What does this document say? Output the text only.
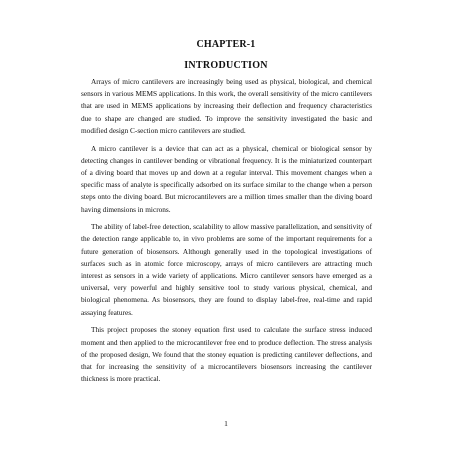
CHAPTER-1
INTRODUCTION

Arrays of micro cantilevers are increasingly being used as physical, biological, and chemical sensors in various MEMS applications. In this work, the overall sensitivity of the micro cantilevers that are used in MEMS applications by increasing their deflection and frequency characteristics due to shape are changed are studied. To improve the sensitivity investigated the basic and modified design C-section micro cantilevers are studied.

A micro cantilever is a device that can act as a physical, chemical or biological sensor by detecting changes in cantilever bending or vibrational frequency. It is the miniaturized counterpart of a diving board that moves up and down at a regular interval. This movement changes when a specific mass of analyte is specifically adsorbed on its surface similar to the change when a person steps onto the diving board. But microcantilevers are a million times smaller than the diving board having dimensions in microns.

The ability of label-free detection, scalability to allow massive parallelization, and sensitivity of the detection range applicable to, in vivo problems are some of the important requirements for a future generation of biosensors. Although generally used in the topological investigations of surfaces such as in atomic force microscopy, arrays of micro cantilevers are attracting much interest as sensors in a wide variety of applications. Micro cantilever sensors have emerged as a universal, very powerful and highly sensitive tool to study various physical, chemical, and biological phenomena. As biosensors, they are found to display label-free, real-time and rapid assaying features.

This project proposes the stoney equation first used to calculate the surface stress induced moment and then applied to the microcantilever free end to produce deflection. The stress analysis of the proposed design, We found that the stoney equation is predicting cantilever deflections, and that for increasing the sensitivity of a microcantilevers biosensors increasing the cantilever thickness is more practical.

1
